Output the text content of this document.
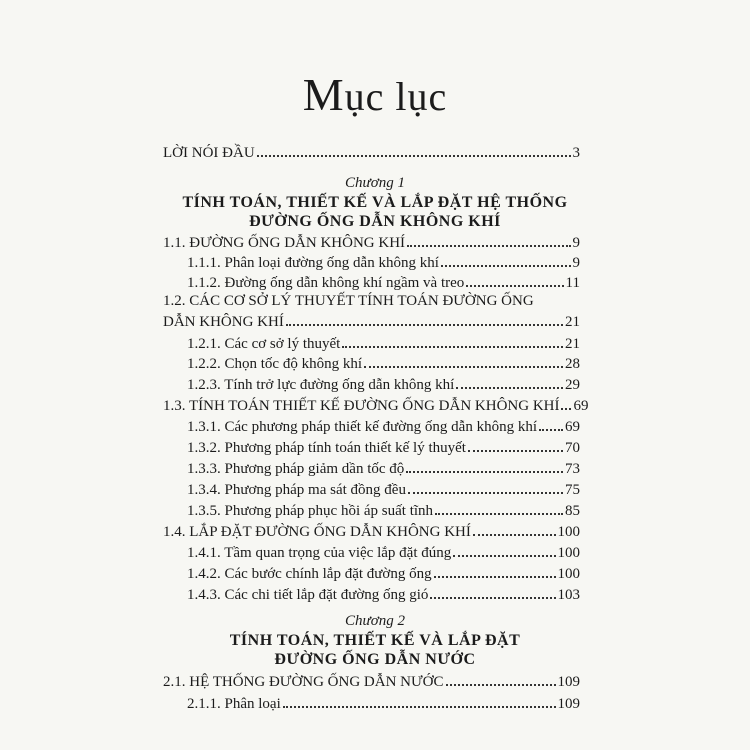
Mục lục
LỜI NÓI ĐẦU	3
Chương 1
TÍNH TOÁN, THIẾT KẾ VÀ LẮP ĐẶT HỆ THỐNG
ĐƯỜNG ỐNG DẪN KHÔNG KHÍ
1.1. ĐƯỜNG ỐNG DẪN KHÔNG KHÍ	9
1.1.1. Phân loại đường ống dẫn không khí	9
1.1.2. Đường ống dẫn không khí ngầm và treo	11
1.2. CÁC CƠ SỞ LÝ THUYẾT TÍNH TOÁN ĐƯỜNG ỐNG
DẪN KHÔNG KHÍ	21
1.2.1. Các cơ sở lý thuyết	21
1.2.2. Chọn tốc độ không khí	28
1.2.3. Tính trở lực đường ống dẫn không khí	29
1.3. TÍNH TOÁN THIẾT KẾ ĐƯỜNG ỐNG DẪN KHÔNG KHÍ 69
1.3.1. Các phương pháp thiết kế đường ống dẫn không khí 69
1.3.2. Phương pháp tính toán thiết kế lý thuyết	70
1.3.3. Phương pháp giảm dần tốc độ	73
1.3.4. Phương pháp ma sát đồng đều	75
1.3.5. Phương pháp phục hồi áp suất tĩnh	85
1.4. LẮP ĐẶT ĐƯỜNG ỐNG DẪN KHÔNG KHÍ	100
1.4.1. Tầm quan trọng của việc lắp đặt đúng	100
1.4.2. Các bước chính lắp đặt đường ống	100
1.4.3. Các chi tiết lắp đặt đường ống gió	103
Chương 2
TÍNH TOÁN, THIẾT KẾ VÀ LẮP ĐẶT
ĐƯỜNG ỐNG DẪN NƯỚC
2.1. HỆ THỐNG ĐƯỜNG ỐNG DẪN NƯỚC	109
2.1.1. Phân loại	109
